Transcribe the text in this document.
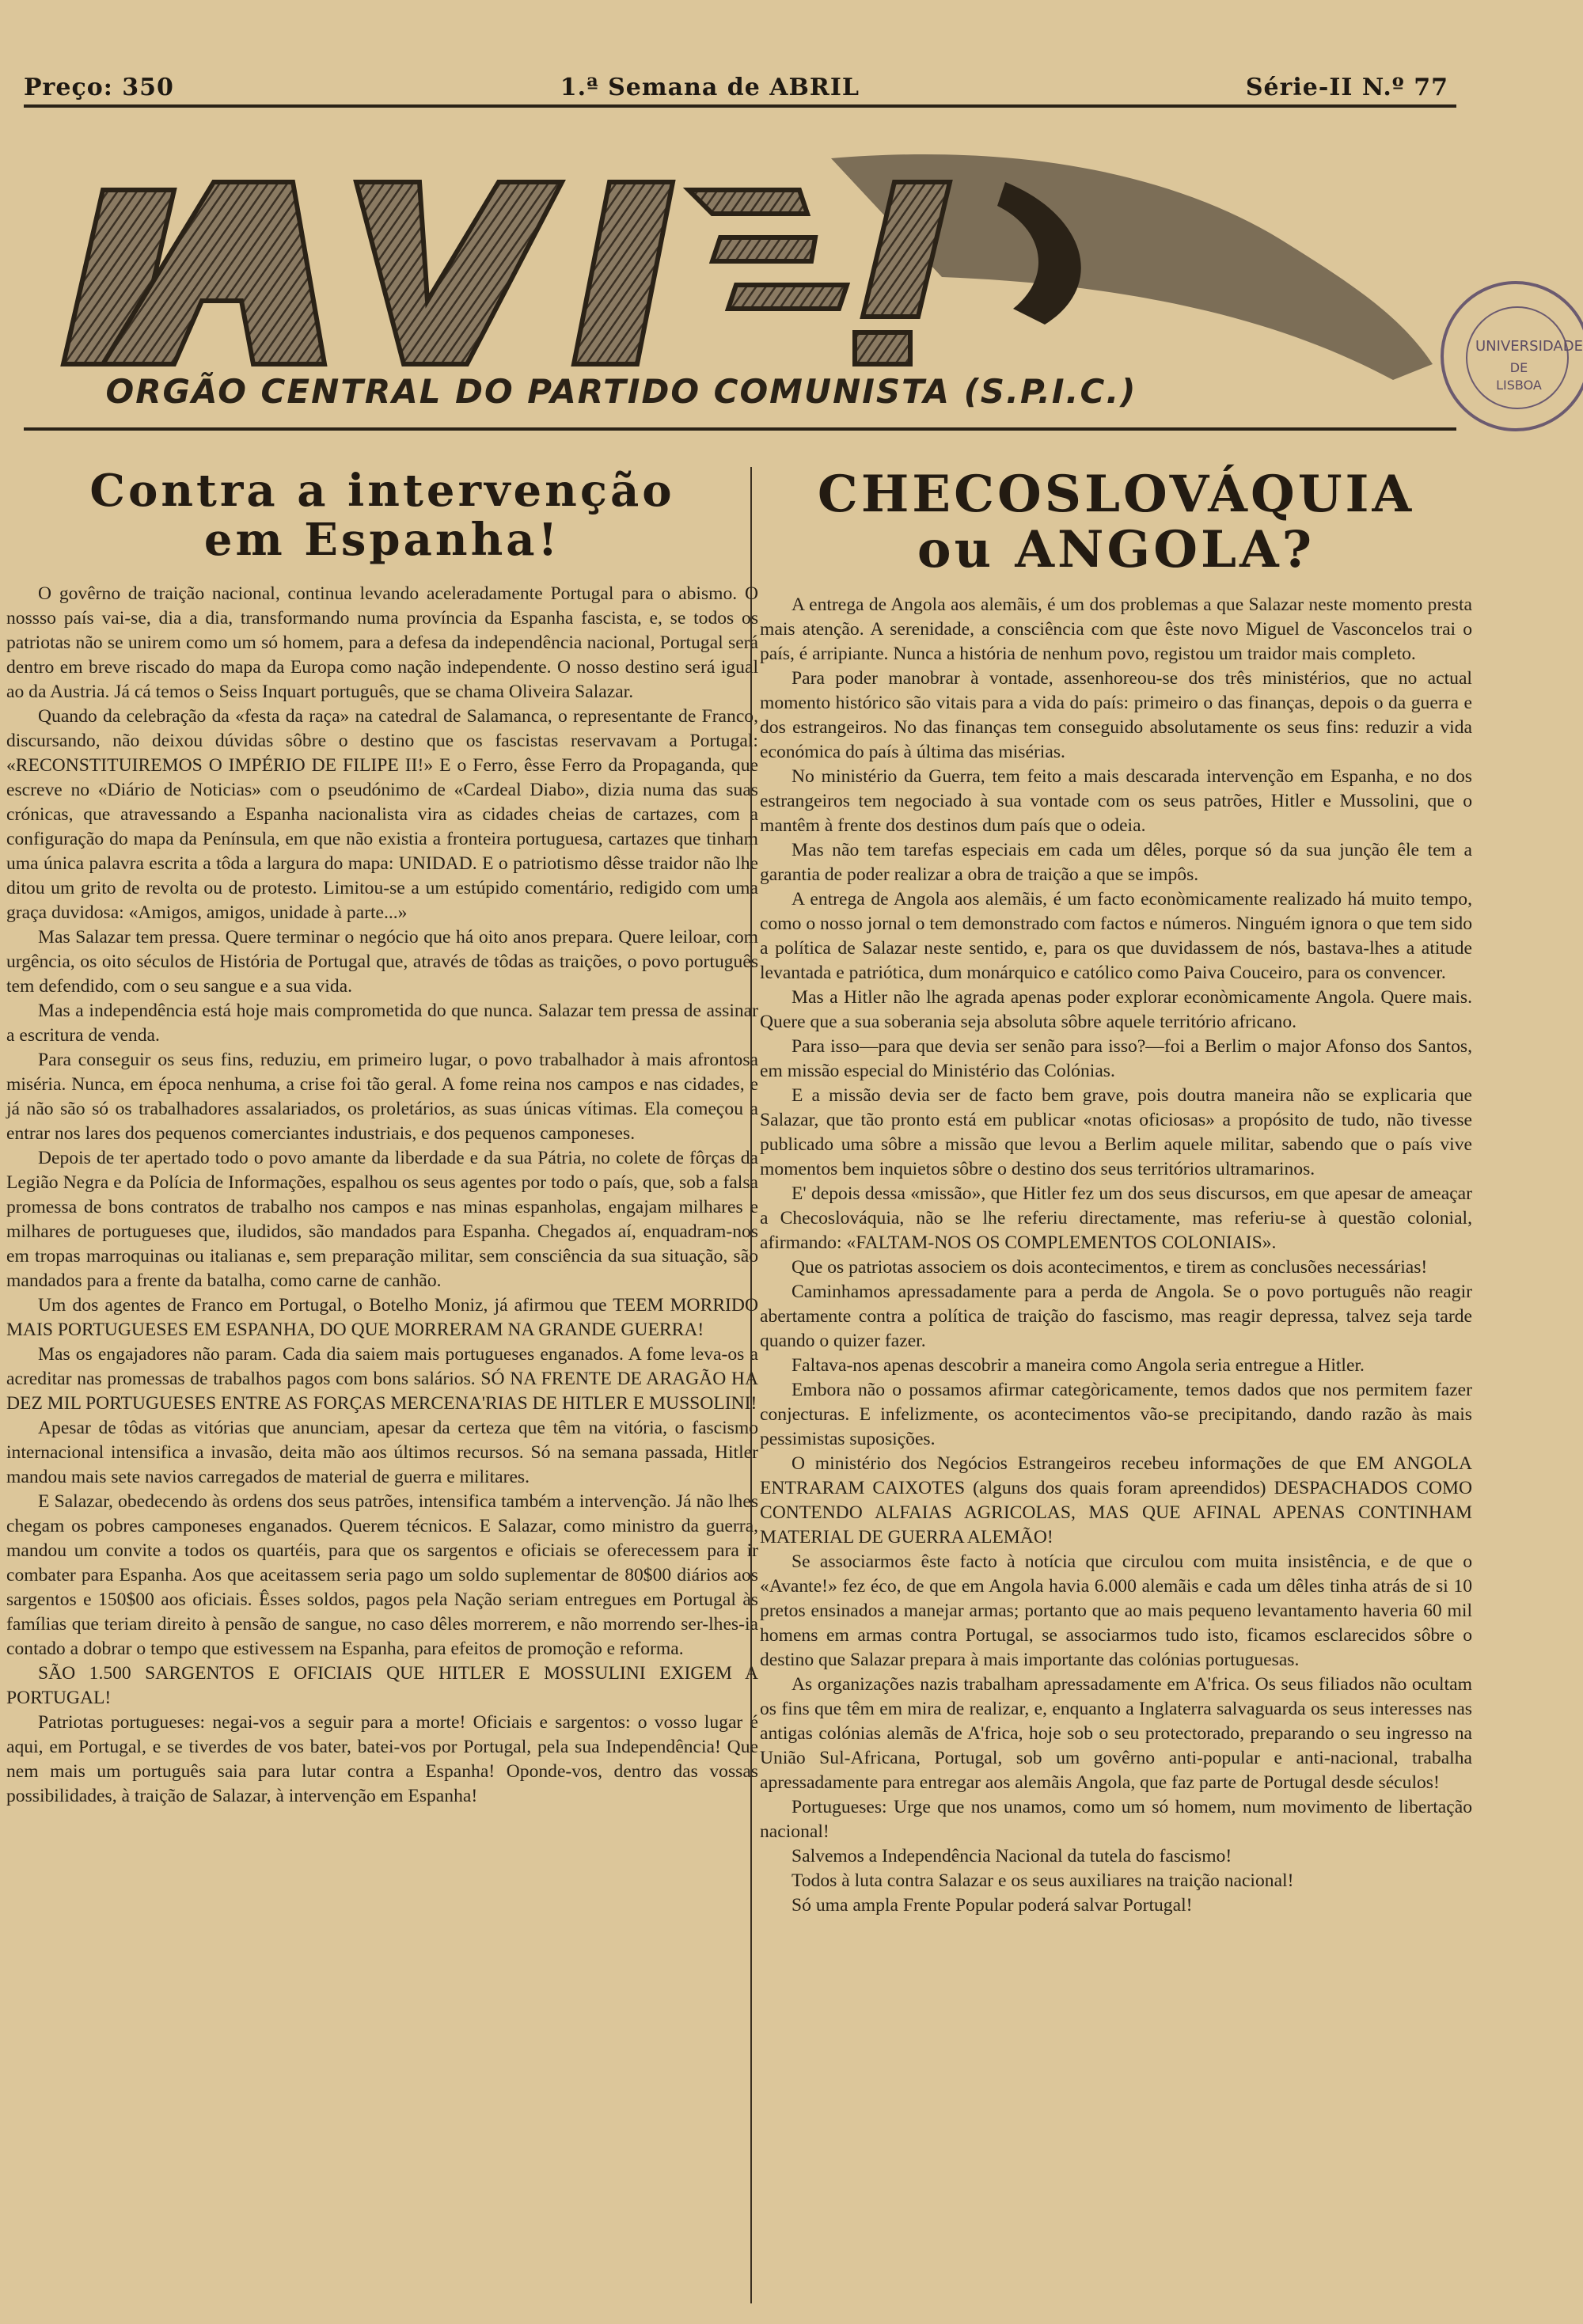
Preço: 350	1.ª Semana de ABRIL	Série-II N.º 77
ORGÃO CENTRAL DO PARTIDO COMUNISTA (S.P.I.C.)
UNIVERSIDADE
DE
LISBOA
Contra a intervenção
em Espanha!

O govêrno de traição nacional, continua levando aceleradamente Portugal para o abismo. O nossso país vai-se, dia a dia, transformando numa província da Espanha fascista, e, se todos os patriotas não se unirem como um só homem, para a defesa da independência nacional, Portugal será dentro em breve riscado do mapa da Europa como nação independente. O nosso destino será igual ao da Austria. Já cá temos o Seiss Inquart português, que se chama Oliveira Salazar.

Quando da celebração da «festa da raça» na catedral de Salamanca, o representante de Franco, discursando, não deixou dúvidas sôbre o destino que os fascistas reservavam a Portugal: «RECONSTITUIREMOS O IMPÉRIO DE FILIPE II!» E o Ferro, êsse Ferro da Propaganda, que escreve no «Diário de Noticias» com o pseudónimo de «Cardeal Diabo», dizia numa das suas crónicas, que atravessando a Espanha nacionalista vira as cidades cheias de cartazes, com a configuração do mapa da Península, em que não existia a fronteira portuguesa, cartazes que tinham uma única palavra escrita a tôda a largura do mapa: UNIDAD. E o patriotismo dêsse traidor não lhe ditou um grito de revolta ou de protesto. Limitou-se a um estúpido comentário, redigido com uma graça duvidosa: «Amigos, amigos, unidade à parte...»

Mas Salazar tem pressa. Quere terminar o negócio que há oito anos prepara. Quere leiloar, com urgência, os oito séculos de História de Portugal que, através de tôdas as traições, o povo português tem defendido, com o seu sangue e a sua vida.

Mas a independência está hoje mais comprometida do que nunca. Salazar tem pressa de assinar a escritura de venda.

Para conseguir os seus fins, reduziu, em primeiro lugar, o povo trabalhador à mais afrontosa miséria. Nunca, em época nenhuma, a crise foi tão geral. A fome reina nos campos e nas cidades, e já não são só os trabalhadores assalariados, os proletários, as suas únicas vítimas. Ela começou a entrar nos lares dos pequenos comerciantes industriais, e dos pequenos camponeses.

Depois de ter apertado todo o povo amante da liberdade e da sua Pátria, no colete de fôrças da Legião Negra e da Polícia de Informações, espalhou os seus agentes por todo o país, que, sob a falsa promessa de bons contratos de trabalho nos campos e nas minas espanholas, engajam milhares e milhares de portugueses que, iludidos, são mandados para Espanha. Chegados aí, enquadram-nos em tropas marroquinas ou italianas e, sem preparação militar, sem consciência da sua situação, são mandados para a frente da batalha, como carne de canhão.

Um dos agentes de Franco em Portugal, o Botelho Moniz, já afirmou que TEEM MORRIDO MAIS PORTUGUESES EM ESPANHA, DO QUE MORRERAM NA GRANDE GUERRA!

Mas os engajadores não param. Cada dia saiem mais portugueses enganados. A fome leva-os a acreditar nas promessas de trabalhos pagos com bons salários. SÓ NA FRENTE DE ARAGÃO HA DEZ MIL PORTUGUESES ENTRE AS FORÇAS MERCENA'RIAS DE HITLER E MUSSOLINI!

Apesar de tôdas as vitórias que anunciam, apesar da certeza que têm na vitória, o fascismo internacional intensifica a invasão, deita mão aos últimos recursos. Só na semana passada, Hitler mandou mais sete navios carregados de material de guerra e militares.

E Salazar, obedecendo às ordens dos seus patrões, intensifica também a intervenção. Já não lhes chegam os pobres camponeses enganados. Querem técnicos. E Salazar, como ministro da guerra, mandou um convite a todos os quartéis, para que os sargentos e oficiais se oferecessem para ir combater para Espanha. Aos que aceitassem seria pago um soldo suplementar de 80$00 diários aos sargentos e 150$00 aos oficiais. Êsses soldos, pagos pela Nação seriam entregues em Portugal às famílias que teriam direito à pensão de sangue, no caso dêles morrerem, e não morrendo ser-lhes-ia contado a dobrar o tempo que estivessem na Espanha, para efeitos de promoção e reforma.

SÃO 1.500 SARGENTOS E OFICIAIS QUE HITLER E MOSSULINI EXIGEM A PORTUGAL!

Patriotas portugueses: negai-vos a seguir para a morte! Oficiais e sargentos: o vosso lugar é aqui, em Portugal, e se tiverdes de vos bater, batei-vos por Portugal, pela sua Independência! Que nem mais um português saia para lutar contra a Espanha! Oponde-vos, dentro das vossas possibilidades, à traição de Salazar, à intervenção em Espanha!

CHECOSLOVÁQUIA
ou ANGOLA?

A entrega de Angola aos alemãis, é um dos problemas a que Salazar neste momento presta mais atenção. A serenidade, a consciência com que êste novo Miguel de Vasconcelos trai o país, é arripiante. Nunca a história de nenhum povo, registou um traidor mais completo.

Para poder manobrar à vontade, assenhoreou-se dos três ministérios, que no actual momento histórico são vitais para a vida do país: primeiro o das finanças, depois o da guerra e dos estrangeiros. No das finanças tem conseguido absolutamente os seus fins: reduzir a vida económica do país à última das misérias.

No ministério da Guerra, tem feito a mais descarada intervenção em Espanha, e no dos estrangeiros tem negociado à sua vontade com os seus patrões, Hitler e Mussolini, que o mantêm à frente dos destinos dum país que o odeia.

Mas não tem tarefas especiais em cada um dêles, porque só da sua junção êle tem a garantia de poder realizar a obra de traição a que se impôs.

A entrega de Angola aos alemãis, é um facto econòmicamente realizado há muito tempo, como o nosso jornal o tem demonstrado com factos e números. Ninguém ignora o que tem sido a política de Salazar neste sentido, e, para os que duvidassem de nós, bastava-lhes a atitude levantada e patriótica, dum monárquico e católico como Paiva Couceiro, para os convencer.

Mas a Hitler não lhe agrada apenas poder explorar econòmicamente Angola. Quere mais. Quere que a sua soberania seja absoluta sôbre aquele território africano.

Para isso—para que devia ser senão para isso?—foi a Berlim o major Afonso dos Santos, em missão especial do Ministério das Colónias.

E a missão devia ser de facto bem grave, pois doutra maneira não se explicaria que Salazar, que tão pronto está em publicar «notas oficiosas» a propósito de tudo, não tivesse publicado uma sôbre a missão que levou a Berlim aquele militar, sabendo que o país vive momentos bem inquietos sôbre o destino dos seus territórios ultramarinos.

E' depois dessa «missão», que Hitler fez um dos seus discursos, em que apesar de ameaçar a Checoslováquia, não se lhe referiu directamente, mas referiu-se à questão colonial, afirmando: «FALTAM-NOS OS COMPLEMENTOS COLONIAIS».

Que os patriotas associem os dois acontecimentos, e tirem as conclusões necessárias!

Caminhamos apressadamente para a perda de Angola. Se o povo português não reagir abertamente contra a política de traição do fascismo, mas reagir depressa, talvez seja tarde quando o quizer fazer.

Faltava-nos apenas descobrir a maneira como Angola seria entregue a Hitler.

Embora não o possamos afirmar categòricamente, temos dados que nos permitem fazer conjecturas. E infelizmente, os acontecimentos vão-se precipitando, dando razão às mais pessimistas suposições.

O ministério dos Negócios Estrangeiros recebeu informações de que EM ANGOLA ENTRARAM CAIXOTES (alguns dos quais foram apreendidos) DESPACHADOS COMO CONTENDO ALFAIAS AGRICOLAS, MAS QUE AFINAL APENAS CONTINHAM MATERIAL DE GUERRA ALEMÃO!

Se associarmos êste facto à notícia que circulou com muita insistência, e de que o «Avante!» fez éco, de que em Angola havia 6.000 alemãis e cada um dêles tinha atrás de si 10 pretos ensinados a manejar armas; portanto que ao mais pequeno levantamento haveria 60 mil homens em armas contra Portugal, se associarmos tudo isto, ficamos esclarecidos sôbre o destino que Salazar prepara à mais importante das colónias portuguesas.

As organizações nazis trabalham apressadamente em A'frica. Os seus filiados não ocultam os fins que têm em mira de realizar, e, enquanto a Inglaterra salvaguarda os seus interesses nas antigas colónias alemãs de A'frica, hoje sob o seu protectorado, preparando o seu ingresso na União Sul-Africana, Portugal, sob um govêrno anti-popular e anti-nacional, trabalha apressadamente para entregar aos alemãis Angola, que faz parte de Portugal desde séculos!

Portugueses: Urge que nos unamos, como um só homem, num movimento de libertação nacional!

Salvemos a Independência Nacional da tutela do fascismo!

Todos à luta contra Salazar e os seus auxiliares na traição nacional!

Só uma ampla Frente Popular poderá salvar Portugal!
